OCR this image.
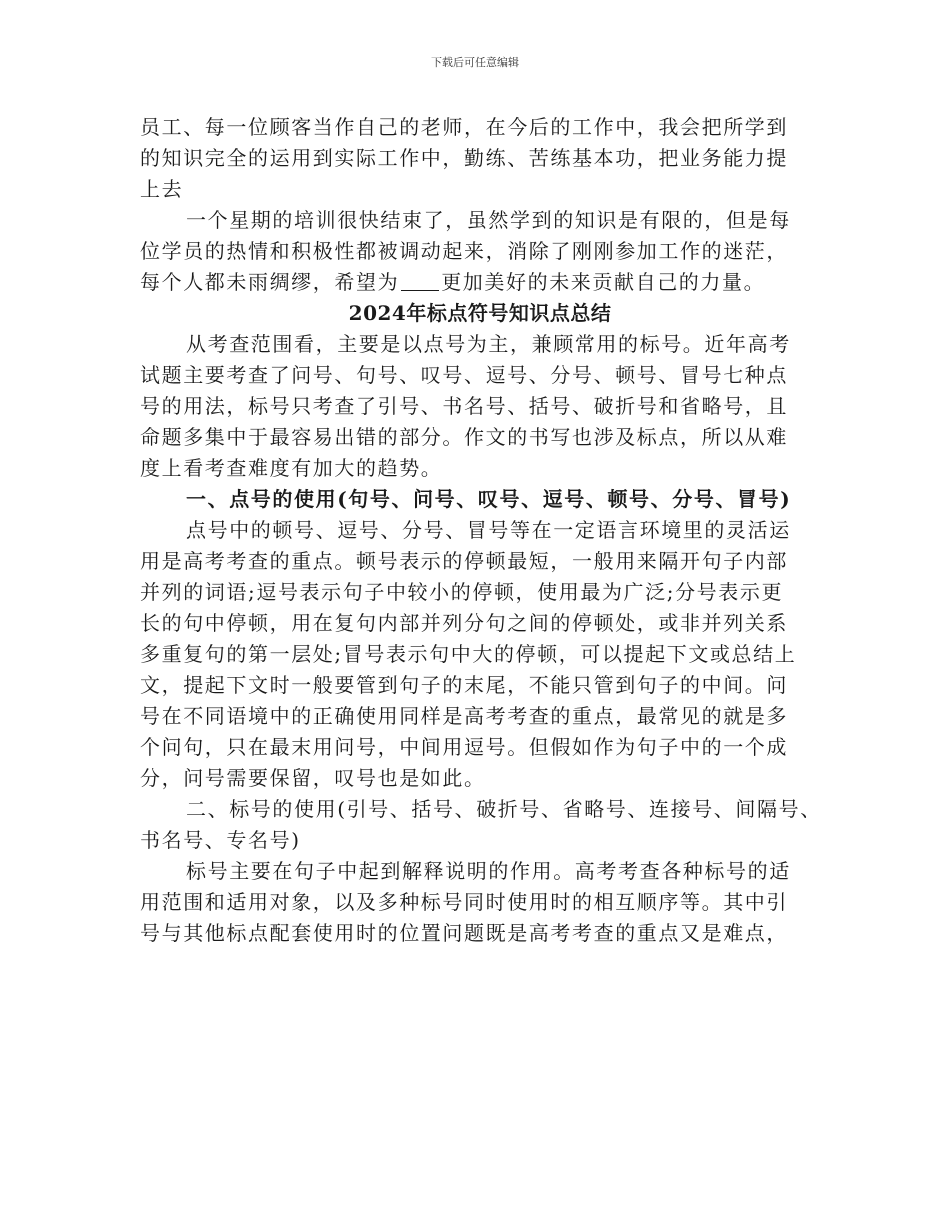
下载后可任意编辑
员工、每一位顾客当作自己的老师，在今后的工作中，我会把所学到
的知识完全的运用到实际工作中，勤练、苦练基本功，把业务能力提
上去
一个星期的培训很快结束了，虽然学到的知识是有限的，但是每
位学员的热情和积极性都被调动起来，消除了刚刚参加工作的迷茫，
每个人都未雨绸缪，希望为 更加美好的未来贡献自己的力量。
2024年标点符号知识点总结
从考查范围看，主要是以点号为主，兼顾常用的标号。近年高考
试题主要考查了问号、句号、叹号、逗号、分号、顿号、冒号七种点
号的用法，标号只考查了引号、书名号、括号、破折号和省略号，且
命题多集中于最容易出错的部分。作文的书写也涉及标点，所以从难
度上看考查难度有加大的趋势。
一、点号的使用(句号、问号、叹号、逗号、顿号、分号、冒号)
点号中的顿号、逗号、分号、冒号等在一定语言环境里的灵活运
用是高考考查的重点。顿号表示的停顿最短，一般用来隔开句子内部
并列的词语;逗号表示句子中较小的停顿，使用最为广泛;分号表示更
长的句中停顿，用在复句内部并列分句之间的停顿处，或非并列关系
多重复句的第一层处;冒号表示句中大的停顿，可以提起下文或总结上
文，提起下文时一般要管到句子的末尾，不能只管到句子的中间。问
号在不同语境中的正确使用同样是高考考查的重点，最常见的就是多
个问句，只在最末用问号，中间用逗号。但假如作为句子中的一个成
分，问号需要保留，叹号也是如此。
二、标号的使用(引号、括号、破折号、省略号、连接号、间隔号、
书名号、专名号)
标号主要在句子中起到解释说明的作用。高考考查各种标号的适
用范围和适用对象，以及多种标号同时使用时的相互顺序等。其中引
号与其他标点配套使用时的位置问题既是高考考查的重点又是难点，
